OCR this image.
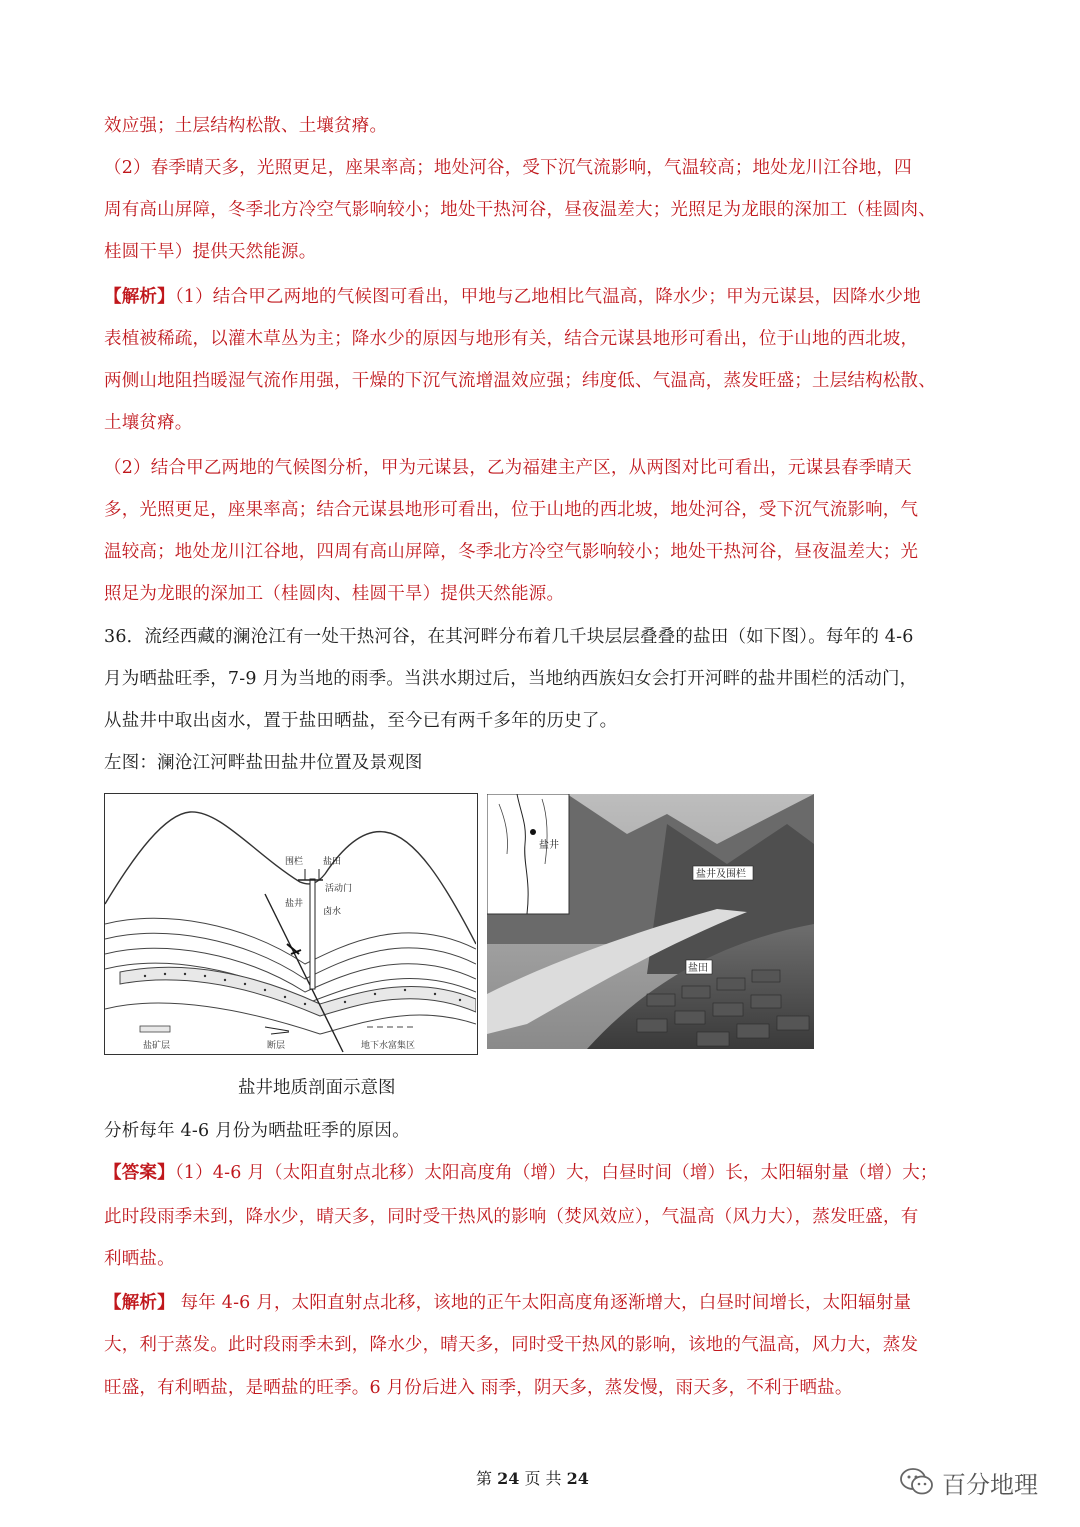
效应强；土层结构松散、土壤贫瘠。
（2）春季晴天多，光照更足，座果率高；地处河谷，受下沉气流影响，气温较高；地处龙川江谷地，四
周有高山屏障，冬季北方冷空气影响较小；地处干热河谷，昼夜温差大；光照足为龙眼的深加工（桂圆肉、
桂圆干旱）提供天然能源。
【解析】（1）结合甲乙两地的气候图可看出，甲地与乙地相比气温高，降水少；甲为元谋县，因降水少地
表植被稀疏，以灌木草丛为主；降水少的原因与地形有关，结合元谋县地形可看出，位于山地的西北坡，
两侧山地阻挡暖湿气流作用强，干燥的下沉气流增温效应强；纬度低、气温高，蒸发旺盛；土层结构松散、
土壤贫瘠。
（2）结合甲乙两地的气候图分析，甲为元谋县，乙为福建主产区，从两图对比可看出，元谋县春季晴天
多，光照更足，座果率高；结合元谋县地形可看出，位于山地的西北坡，地处河谷，受下沉气流影响，气
温较高；地处龙川江谷地，四周有高山屏障，冬季北方冷空气影响较小；地处干热河谷，昼夜温差大；光
照足为龙眼的深加工（桂圆肉、桂圆干旱）提供天然能源。
36．流经西藏的澜沧江有一处干热河谷，在其河畔分布着几千块层层叠叠的盐田（如下图）。每年的 4-6
月为晒盐旺季，7-9 月为当地的雨季。当洪水期过后，当地纳西族妇女会打开河畔的盐井围栏的活动门，
从盐井中取出卤水，置于盐田晒盐，至今已有两千多年的历史了。
左图：澜沧江河畔盐田盐井位置及景观图
围栏 盐田
活动门
盐井
卤水
盐矿层	断层	地下水富集区
盐井
盐井及围栏
盐田
盐井地质剖面示意图
分析每年 4-6 月份为晒盐旺季的原因。
【答案】（1）4-6 月（太阳直射点北移）太阳高度角（增）大，白昼时间（增）长，太阳辐射量（增）大；
此时段雨季未到，降水少，晴天多，同时受干热风的影响（焚风效应），气温高（风力大），蒸发旺盛，有
利晒盐。
【解析】 每年 4-6 月，太阳直射点北移，该地的正午太阳高度角逐渐增大，白昼时间增长，太阳辐射量
大，利于蒸发。此时段雨季未到，降水少，晴天多，同时受干热风的影响，该地的气温高，风力大，蒸发
旺盛，有利晒盐，是晒盐的旺季。6 月份后进入 雨季，阴天多，蒸发慢，雨天多，不利于晒盐。
第 24 页 共 24	百分地理
